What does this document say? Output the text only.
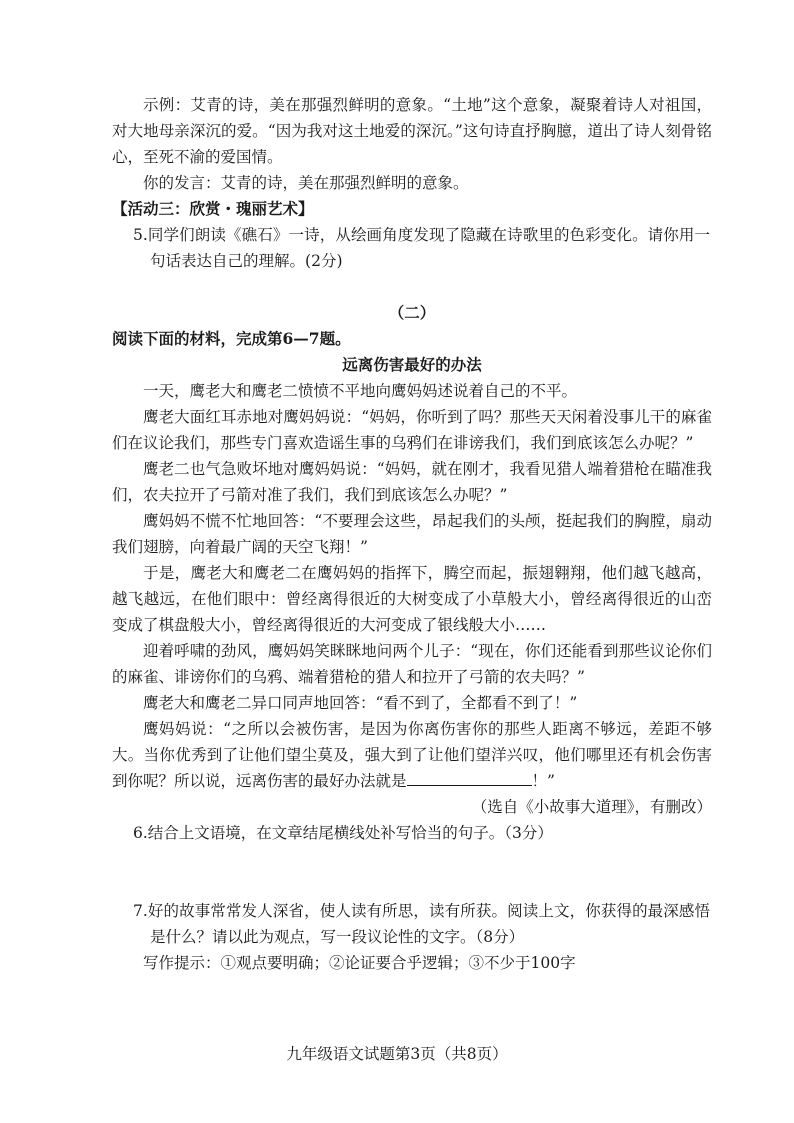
示例：艾青的诗，美在那强烈鲜明的意象。“土地”这个意象，凝聚着诗人对祖国，对大地母亲深沉的爱。“因为我对这土地爱的深沉。”这句诗直抒胸臆，道出了诗人刻骨铭心，至死不渝的爱国情。

你的发言：艾青的诗，美在那强烈鲜明的意象。

【活动三：欣赏・瑰丽艺术】

5.同学们朗读《礁石》一诗，从绘画角度发现了隐藏在诗歌里的色彩变化。请你用一句话表达自己的理解。(2分)

（二）

阅读下面的材料，完成第6—7题。

远离伤害最好的办法

一天，鹰老大和鹰老二愤愤不平地向鹰妈妈述说着自己的不平。

鹰老大面红耳赤地对鹰妈妈说：“妈妈，你听到了吗？那些天天闲着没事儿干的麻雀们在议论我们，那些专门喜欢造谣生事的乌鸦们在诽谤我们，我们到底该怎么办呢？”

鹰老二也气急败坏地对鹰妈妈说：“妈妈，就在刚才，我看见猎人端着猎枪在瞄准我们，农夫拉开了弓箭对准了我们，我们到底该怎么办呢？”

鹰妈妈不慌不忙地回答：“不要理会这些，昂起我们的头颅，挺起我们的胸膛，扇动我们翅膀，向着最广阔的天空飞翔！”

于是，鹰老大和鹰老二在鹰妈妈的指挥下，腾空而起，振翅翱翔，他们越飞越高，越飞越远，在他们眼中：曾经离得很近的大树变成了小草般大小，曾经离得很近的山峦变成了棋盘般大小，曾经离得很近的大河变成了银线般大小……

迎着呼啸的劲风，鹰妈妈笑眯眯地问两个儿子：“现在，你们还能看到那些议论你们的麻雀、诽谤你们的乌鸦、端着猎枪的猎人和拉开了弓箭的农夫吗？”

鹰老大和鹰老二异口同声地回答：“看不到了，全都看不到了！”

鹰妈妈说：“之所以会被伤害，是因为你离伤害你的那些人距离不够远，差距不够大。当你优秀到了让他们望尘莫及，强大到了让他们望洋兴叹，他们哪里还有机会伤害到你呢？所以说，远离伤害的最好办法就是	！”

（选自《小故事大道理》，有删改）

6.结合上文语境，在文章结尾横线处补写恰当的句子。（3分）

7.好的故事常常发人深省，使人读有所思，读有所获。阅读上文，你获得的最深感悟是什么？请以此为观点，写一段议论性的文字。（8分）

写作提示：①观点要明确；②论证要合乎逻辑；③不少于100字

九年级语文试题第3页（共8页）
